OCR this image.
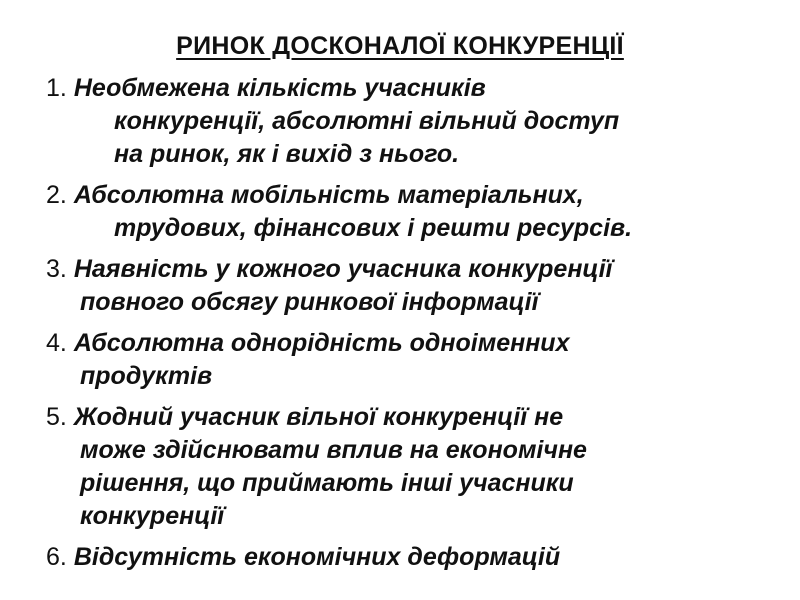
РИНОК ДОСКОНАЛОЇ КОНКУРЕНЦІЇ
1. Необмежена кількість учасників
конкуренції, абсолютні вільний доступ
на ринок, як і вихід з нього.
2. Абсолютна мобільність матеріальних,
трудових, фінансових і решти ресурсів.
3. Наявність у кожного учасника конкуренції
повного обсягу ринкової інформації
4. Абсолютна однорідність одноіменних
продуктів
5. Жодний учасник вільної конкуренції не
може здійснювати вплив на економічне
рішення, що приймають інші учасники
конкуренції
6. Відсутність економічних деформацій
